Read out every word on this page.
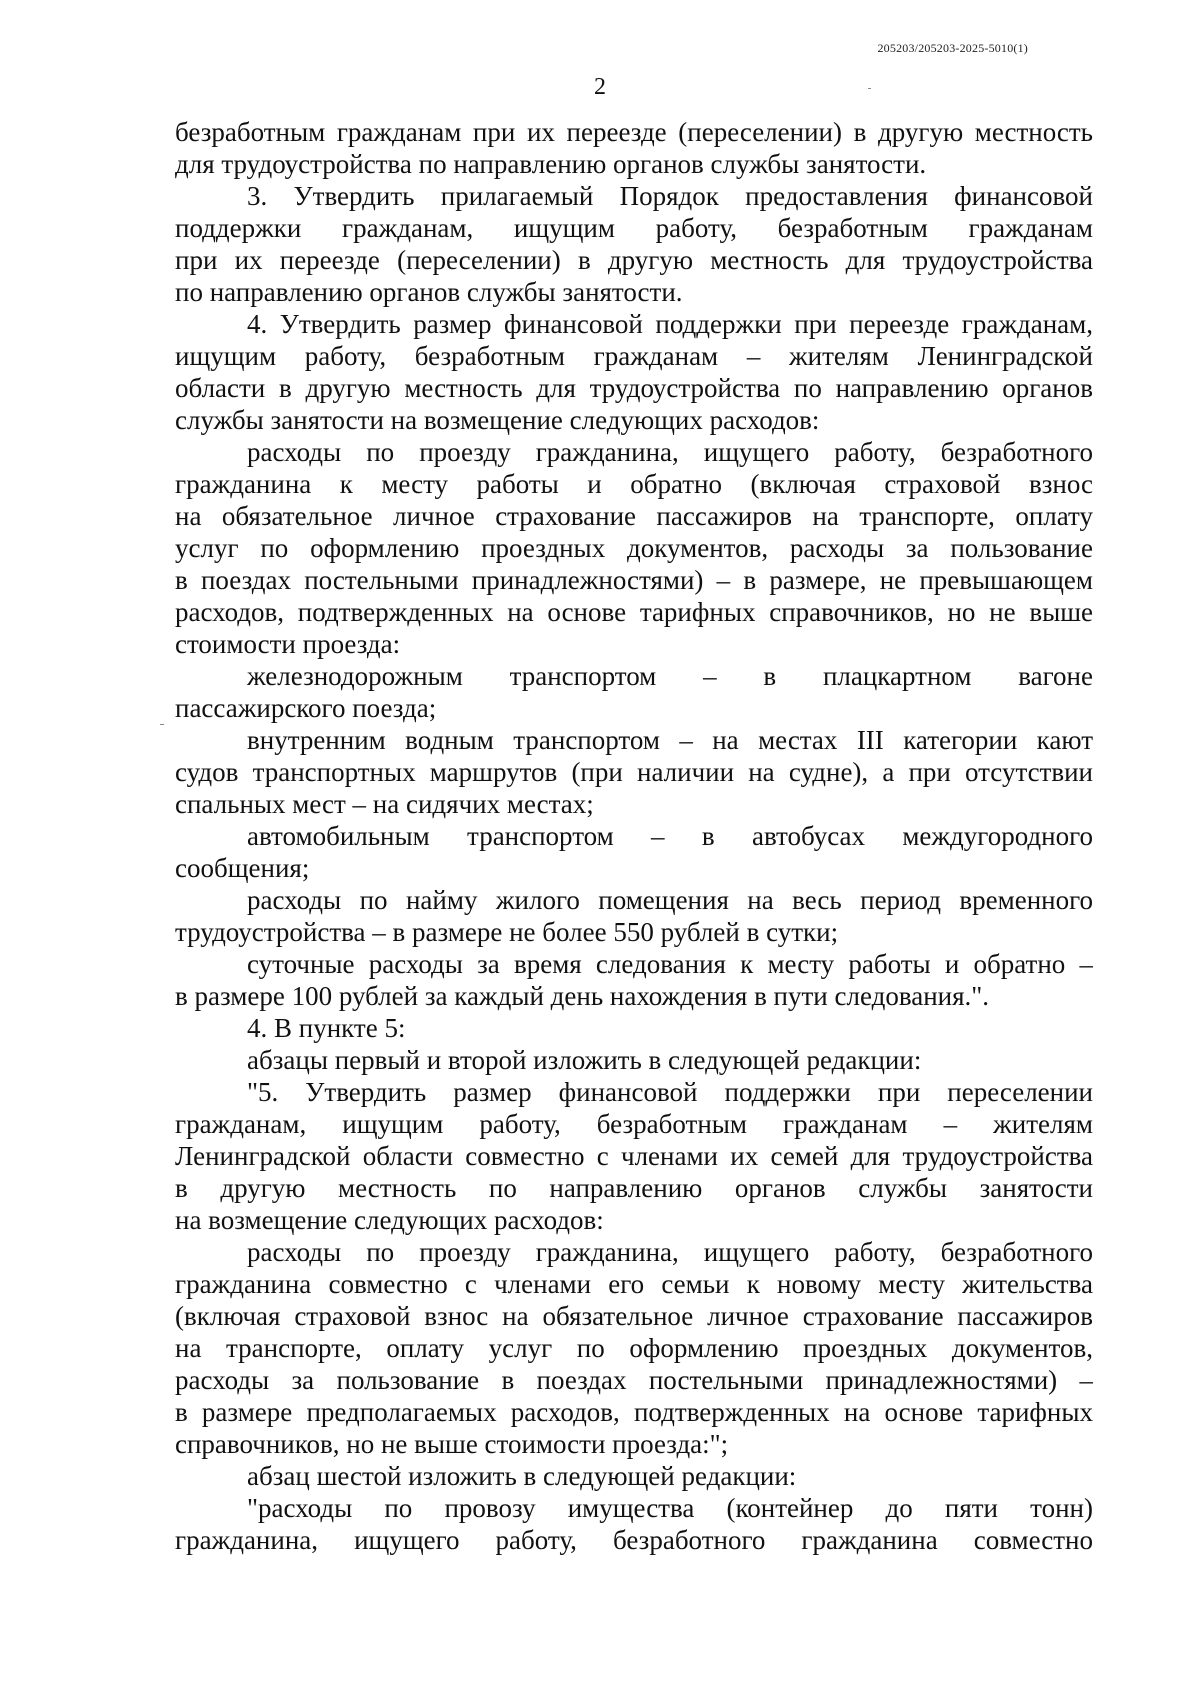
205203/205203-2025-5010(1)
2
безработным гражданам при их переезде (переселении) в другую местность
для трудоустройства по направлению органов службы занятости.
3. Утвердить прилагаемый Порядок предоставления финансовой
поддержки гражданам, ищущим работу, безработным гражданам
при их переезде (переселении) в другую местность для трудоустройства
по направлению органов службы занятости.
4. Утвердить размер финансовой поддержки при переезде гражданам,
ищущим работу, безработным гражданам – жителям Ленинградской
области в другую местность для трудоустройства по направлению органов
службы занятости на возмещение следующих расходов:
расходы по проезду гражданина, ищущего работу, безработного
гражданина к месту работы и обратно (включая страховой взнос
на обязательное личное страхование пассажиров на транспорте, оплату
услуг по оформлению проездных документов, расходы за пользование
в поездах постельными принадлежностями) – в размере, не превышающем
расходов, подтвержденных на основе тарифных справочников, но не выше
стоимости проезда:
железнодорожным транспортом – в плацкартном вагоне
пассажирского поезда;
внутренним водным транспортом – на местах III категории кают
судов транспортных маршрутов (при наличии на судне), а при отсутствии
спальных мест – на сидячих местах;
автомобильным транспортом – в автобусах междугородного
сообщения;
расходы по найму жилого помещения на весь период временного
трудоустройства – в размере не более 550 рублей в сутки;
суточные расходы за время следования к месту работы и обратно –
в размере 100 рублей за каждый день нахождения в пути следования.".
4. В пункте 5:
абзацы первый и второй изложить в следующей редакции:
"5. Утвердить размер финансовой поддержки при переселении
гражданам, ищущим работу, безработным гражданам – жителям
Ленинградской области совместно с членами их семей для трудоустройства
в другую местность по направлению органов службы занятости
на возмещение следующих расходов:
расходы по проезду гражданина, ищущего работу, безработного
гражданина совместно с членами его семьи к новому месту жительства
(включая страховой взнос на обязательное личное страхование пассажиров
на транспорте, оплату услуг по оформлению проездных документов,
расходы за пользование в поездах постельными принадлежностями) –
в размере предполагаемых расходов, подтвержденных на основе тарифных
справочников, но не выше стоимости проезда:";
абзац шестой изложить в следующей редакции:
"расходы по провозу имущества (контейнер до пяти тонн)
гражданина, ищущего работу, безработного гражданина совместно
